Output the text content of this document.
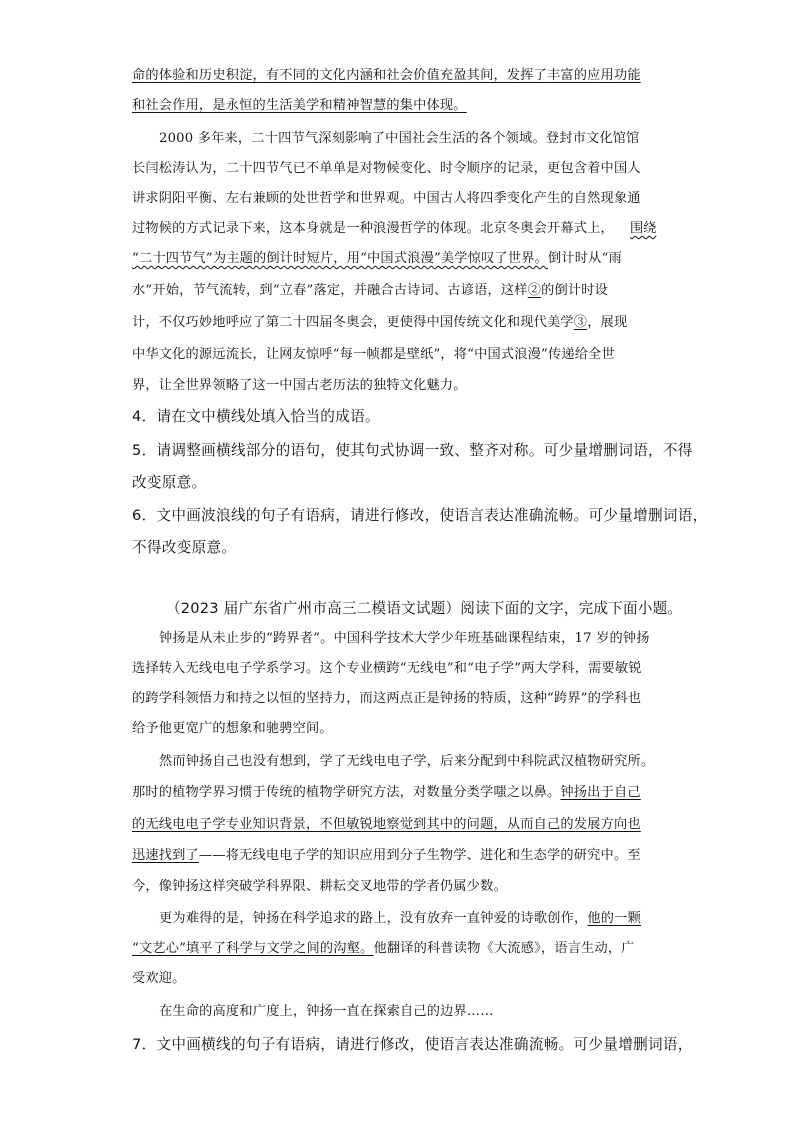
命的体验和历史积淀，有不同的文化内涵和社会价值充盈其间，发挥了丰富的应用功能
和社会作用，是永恒的生活美学和精神智慧的集中体现。
2000 多年来，二十四节气深刻影响了中国社会生活的各个领域。登封市文化馆馆
长闫松涛认为，二十四节气已不单单是对物候变化、时令顺序的记录，更包含着中国人
讲求阴阳平衡、左右兼顾的处世哲学和世界观。中国古人将四季变化产生的自然现象通
过物候的方式记录下来，这本身就是一种浪漫哲学的体现。北京冬奥会开幕式上，
“二十四节气”为主题的倒计时短片，用“中国式浪漫”美学惊叹了世界。倒计时从“雨
水”开始，节气流转，到“立春”落定，并融合古诗词、古谚语，这样②的倒计时设
计，不仅巧妙地呼应了第二十四届冬奥会，更使得中国传统文化和现代美学③，展现
中华文化的源远流长，让网友惊呼“每一帧都是壁纸”，将“中国式浪漫”传递给全世
界，让全世界领略了这一中国古老历法的独特文化魅力。
围绕
4．请在文中横线处填入恰当的成语。
5．请调整画横线部分的语句，使其句式协调一致、整齐对称。可少量增删词语，不得
改变原意。
6．文中画波浪线的句子有语病，请进行修改，使语言表达准确流畅。可少量增删词语，
不得改变原意。
（2023 届广东省广州市高三二模语文试题）阅读下面的文字，完成下面小题。
钟扬是从未止步的“跨界者”。中国科学技术大学少年班基础课程结束，17 岁的钟扬
选择转入无线电电子学系学习。这个专业横跨“无线电”和“电子学”两大学科，需要敏锐
的跨学科领悟力和持之以恒的坚持力，而这两点正是钟扬的特质，这种“跨界”的学科也
给予他更宽广的想象和驰骋空间。
然而钟扬自己也没有想到，学了无线电电子学，后来分配到中科院武汉植物研究所。
那时的植物学界习惯于传统的植物学研究方法，对数量分类学嗤之以鼻。钟扬出于自己
的无线电电子学专业知识背景，不但敏锐地察觉到其中的问题，从而自己的发展方向也
迅速找到了——将无线电电子学的知识应用到分子生物学、进化和生态学的研究中。至
今，像钟扬这样突破学科界限、耕耘交叉地带的学者仍属少数。
更为难得的是，钟扬在科学追求的路上，没有放弃一直钟爱的诗歌创作，他的一颗
“文艺心”填平了科学与文学之间的沟壑。他翻译的科普读物《大流感》，语言生动，广
受欢迎。
在生命的高度和广度上，钟扬一直在探索自己的边界……
7．文中画横线的句子有语病，请进行修改，使语言表达准确流畅。可少量增删词语，
